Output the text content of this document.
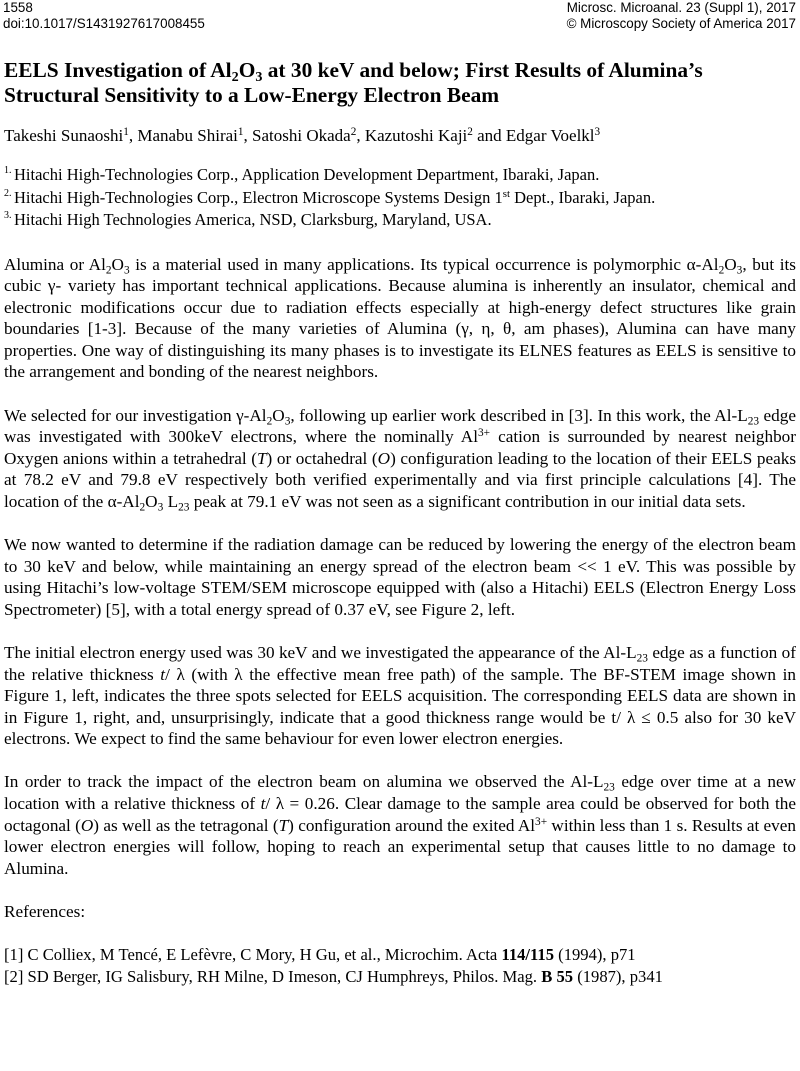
1558
doi:10.1017/S1431927617008455
Microsc. Microanal. 23 (Suppl 1), 2017
© Microscopy Society of America 2017
EELS Investigation of $Al_2O_3$ at 30 keV and below; First Results of Alumina’s Structural Sensitivity to a Low-Energy Electron Beam
Takeshi Sunaoshi$^1$, Manabu Shirai$^1$, Satoshi Okada$^2$, Kazutoshi Kaji$^2$ and Edgar Voelkl$^3$
1. Hitachi High-Technologies Corp., Application Development Department, Ibaraki, Japan.
2. Hitachi High-Technologies Corp., Electron Microscope Systems Design 1st Dept., Ibaraki, Japan.
3. Hitachi High Technologies America, NSD, Clarksburg, Maryland, USA.

Alumina or $Al_2O_3$ is a material used in many applications. Its typical occurrence is polymorphic $\alpha-Al_2O_3$, but its cubic γ- variety has important technical applications. Because alumina is inherently an insulator, chemical and electronic modifications occur due to radiation effects especially at high-energy defect structures like grain boundaries [1-3]. Because of the many varieties of Alumina (γ, η, θ, am phases), Alumina can have many properties. One way of distinguishing its many phases is to investigate its ELNES features as EELS is sensitive to the arrangement and bonding of the nearest neighbors.

We selected for our investigation $\gamma-Al_2O_3$, following up earlier work described in [3]. In this work, the $Al-L_{23}$ edge was investigated with 300keV electrons, where the nominally $Al^{3+}$ cation is surrounded by nearest neighbor Oxygen anions within a tetrahedral (T) or octahedral (O) configuration leading to the location of their EELS peaks at 78.2 eV and 79.8 eV respectively both verified experimentally and via first principle calculations [4]. The location of the $\alpha-Al_2O_3$ $L_{23}$ peak at 79.1 eV was not seen as a significant contribution in our initial data sets.

We now wanted to determine if the radiation damage can be reduced by lowering the energy of the electron beam to 30 keV and below, while maintaining an energy spread of the electron beam << 1 eV. This was possible by using Hitachi’s low-voltage STEM/SEM microscope equipped with (also a Hitachi) EELS (Electron Energy Loss Spectrometer) [5], with a total energy spread of 0.37 eV, see Figure 2, left.

The initial electron energy used was 30 keV and we investigated the appearance of the $Al-L_{23}$ edge as a function of the relative thickness t/ λ (with λ the effective mean free path) of the sample. The BF-STEM image shown in Figure 1, left, indicates the three spots selected for EELS acquisition. The corresponding EELS data are shown in in Figure 1, right, and, unsurprisingly, indicate that a good thickness range would be t/ λ ≤ 0.5 also for 30 keV electrons. We expect to find the same behaviour for even lower electron energies.

In order to track the impact of the electron beam on alumina we observed the $Al-L_{23}$ edge over time at a new location with a relative thickness of t/ λ = 0.26. Clear damage to the sample area could be observed for both the octagonal (O) as well as the tetragonal (T) configuration around the exited $Al^{3+}$ within less than 1 s. Results at even lower electron energies will follow, hoping to reach an experimental setup that causes little to no damage to Alumina.

References:
[1] C Colliex, M Tencé, E Lefèvre, C Mory, H Gu, et al., Microchim. Acta 114/115 (1994), p71
[2] SD Berger, IG Salisbury, RH Milne, D Imeson, CJ Humphreys, Philos. Mag. B 55 (1987), p341
